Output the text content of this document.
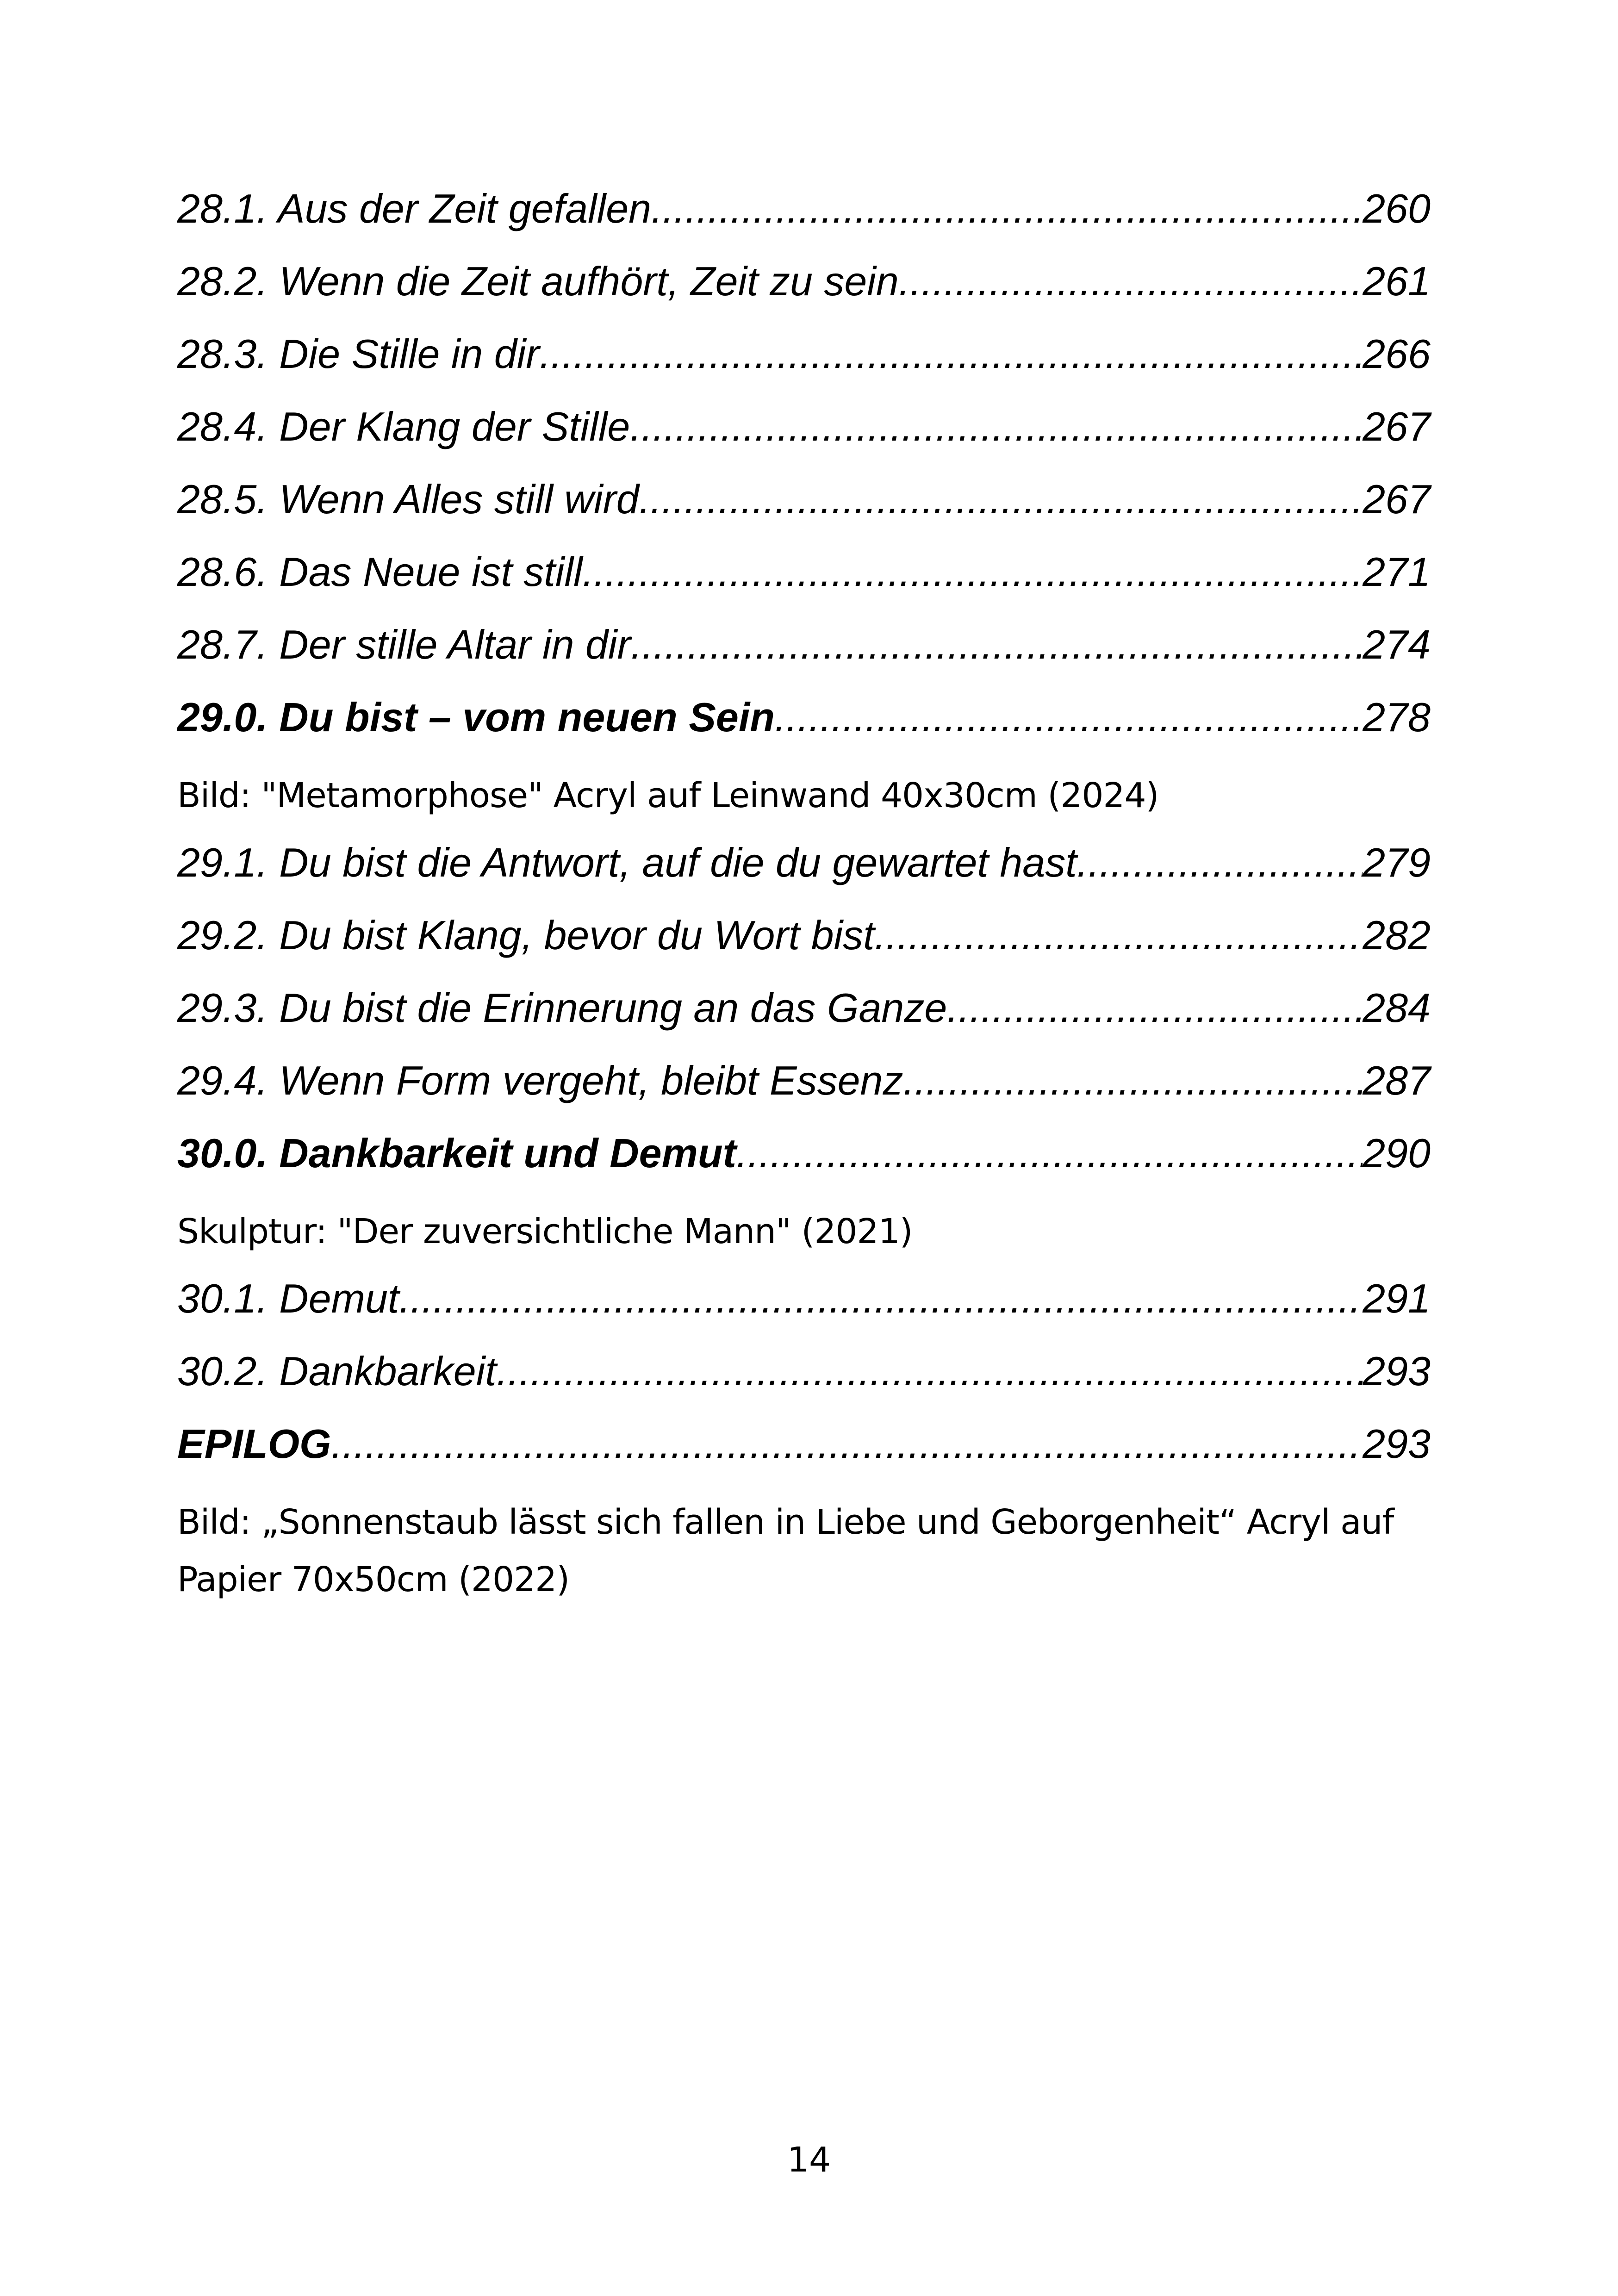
28.1. Aus der Zeit gefallen .....	260
28.2. Wenn die Zeit aufhört, Zeit zu sein .....	261
28.3. Die Stille in dir .....	266
28.4. Der Klang der Stille .....	267
28.5. Wenn Alles still wird .....	267
28.6. Das Neue ist still .....	271
28.7. Der stille Altar in dir .....	274
29.0. Du bist – vom neuen Sein .....	278
Bild: "Metamorphose" Acryl auf Leinwand 40x30cm (2024)
29.1. Du bist die Antwort, auf die du gewartet hast .....	279
29.2. Du bist Klang, bevor du Wort bist .....	282
29.3. Du bist die Erinnerung an das Ganze .....	284
29.4. Wenn Form vergeht, bleibt Essenz .....	287
30.0. Dankbarkeit und Demut .....	290
Skulptur: "Der zuversichtliche Mann" (2021)
30.1. Demut .....	291
30.2. Dankbarkeit .....	293
EPILOG .....	293
Bild: „Sonnenstaub lässt sich fallen in Liebe und Geborgenheit“ Acryl auf Papier 70x50cm (2022)
14
